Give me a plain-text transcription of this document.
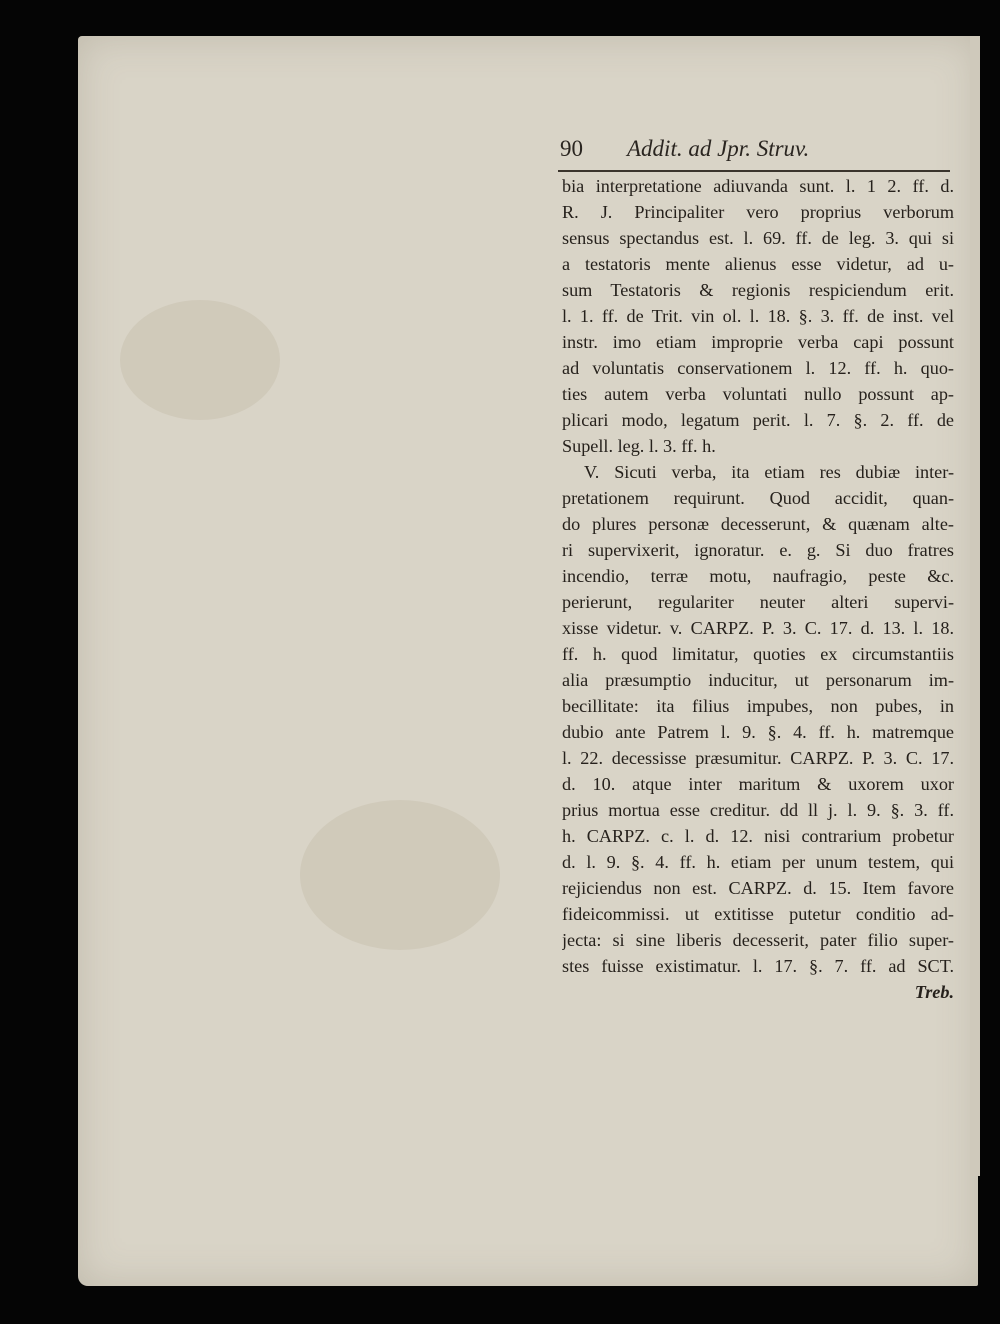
90 Addit. ad Jpr. Struv.
bia interpretatione adiuvanda sunt. l. 1 2. ff. d.
R. J. Principaliter vero proprius verborum
sensus spectandus est. l. 69. ff. de leg. 3. qui si
a testatoris mente alienus esse videtur, ad u-
sum Testatoris & regionis respiciendum erit.
l. 1. ff. de Trit. vin ol. l. 18. §. 3. ff. de inst. vel
instr. imo etiam improprie verba capi possunt
ad voluntatis conservationem l. 12. ff. h. quo-
ties autem verba voluntati nullo possunt ap-
plicari modo, legatum perit. l. 7. §. 2. ff. de
Supell. leg. l. 3. ff. h.
V. Sicuti verba, ita etiam res dubiæ inter-
pretationem requirunt. Quod accidit, quan-
do plures personæ decesserunt, & quænam alte-
ri supervixerit, ignoratur. e. g. Si duo fratres
incendio, terræ motu, naufragio, peste &c.
perierunt, regulariter neuter alteri supervi-
xisse videtur. v. CARPZ. P. 3. C. 17. d. 13. l. 18.
ff. h. quod limitatur, quoties ex circumstantiis
alia præsumptio inducitur, ut personarum im-
becillitate: ita filius impubes, non pubes, in
dubio ante Patrem l. 9. §. 4. ff. h. matremque
l. 22. decessisse præsumitur. CARPZ. P. 3. C. 17.
d. 10. atque inter maritum & uxorem uxor
prius mortua esse creditur. dd ll j. l. 9. §. 3. ff.
h. CARPZ. c. l. d. 12. nisi contrarium probetur
d. l. 9. §. 4. ff. h. etiam per unum testem, qui
rejiciendus non est. CARPZ. d. 15. Item favore
fideicommissi. ut extitisse putetur conditio ad-
jecta: si sine liberis decesserit, pater filio super-
stes fuisse existimatur. l. 17. §. 7. ff. ad SCT.
Treb.
